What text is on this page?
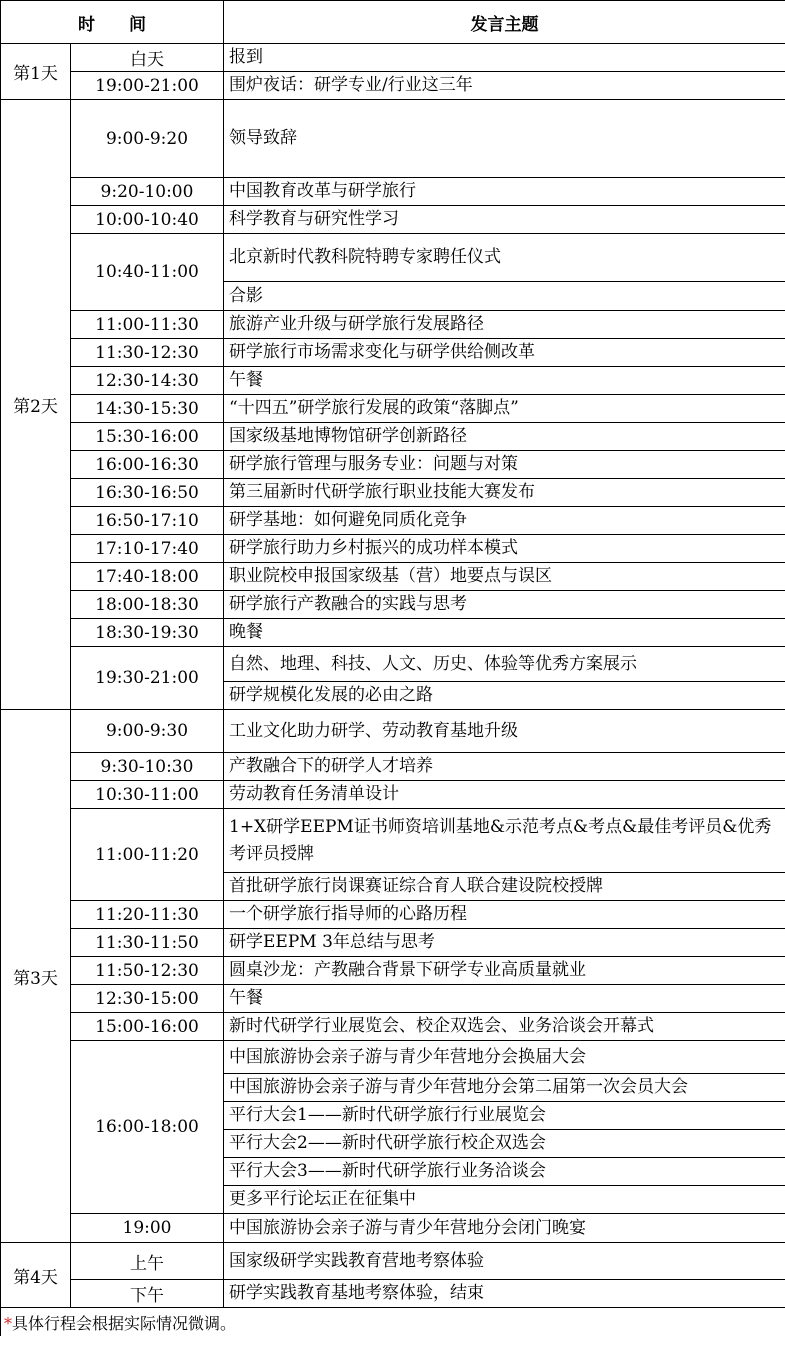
时　　间		发言主题
第1天	白天	报到
	19:00-21:00	围炉夜话：研学专业/行业这三年
第2天	9:00-9:20	领导致辞
	9:20-10:00	中国教育改革与研学旅行
	10:00-10:40	科学教育与研究性学习
	10:40-11:00	北京新时代教科院特聘专家聘任仪式
		合影
	11:00-11:30	旅游产业升级与研学旅行发展路径
	11:30-12:30	研学旅行市场需求变化与研学供给侧改革
	12:30-14:30	午餐
	14:30-15:30	“十四五”研学旅行发展的政策“落脚点”
	15:30-16:00	国家级基地博物馆研学创新路径
	16:00-16:30	研学旅行管理与服务专业：问题与对策
	16:30-16:50	第三届新时代研学旅行职业技能大赛发布
	16:50-17:10	研学基地：如何避免同质化竞争
	17:10-17:40	研学旅行助力乡村振兴的成功样本模式
	17:40-18:00	职业院校申报国家级基（营）地要点与误区
	18:00-18:30	研学旅行产教融合的实践与思考
	18:30-19:30	晚餐
	19:30-21:00	自然、地理、科技、人文、历史、体验等优秀方案展示
		研学规模化发展的必由之路
第3天	9:00-9:30	工业文化助力研学、劳动教育基地升级
	9:30-10:30	产教融合下的研学人才培养
	10:30-11:00	劳动教育任务清单设计
	11:00-11:20	1+X研学EEPM证书师资培训基地&示范考点&考点&最佳考评员&优秀考评员授牌
		首批研学旅行岗课赛证综合育人联合建设院校授牌
	11:20-11:30	一个研学旅行指导师的心路历程
	11:30-11:50	研学EEPM 3年总结与思考
	11:50-12:30	圆桌沙龙：产教融合背景下研学专业高质量就业
	12:30-15:00	午餐
	15:00-16:00	新时代研学行业展览会、校企双选会、业务洽谈会开幕式
	16:00-18:00	中国旅游协会亲子游与青少年营地分会换届大会
		中国旅游协会亲子游与青少年营地分会第二届第一次会员大会
		平行大会1——新时代研学旅行行业展览会
		平行大会2——新时代研学旅行校企双选会
		平行大会3——新时代研学旅行业务洽谈会
		更多平行论坛正在征集中
	19:00	中国旅游协会亲子游与青少年营地分会闭门晚宴
第4天	上午	国家级研学实践教育营地考察体验
	下午	研学实践教育基地考察体验，结束
*具体行程会根据实际情况微调。		
